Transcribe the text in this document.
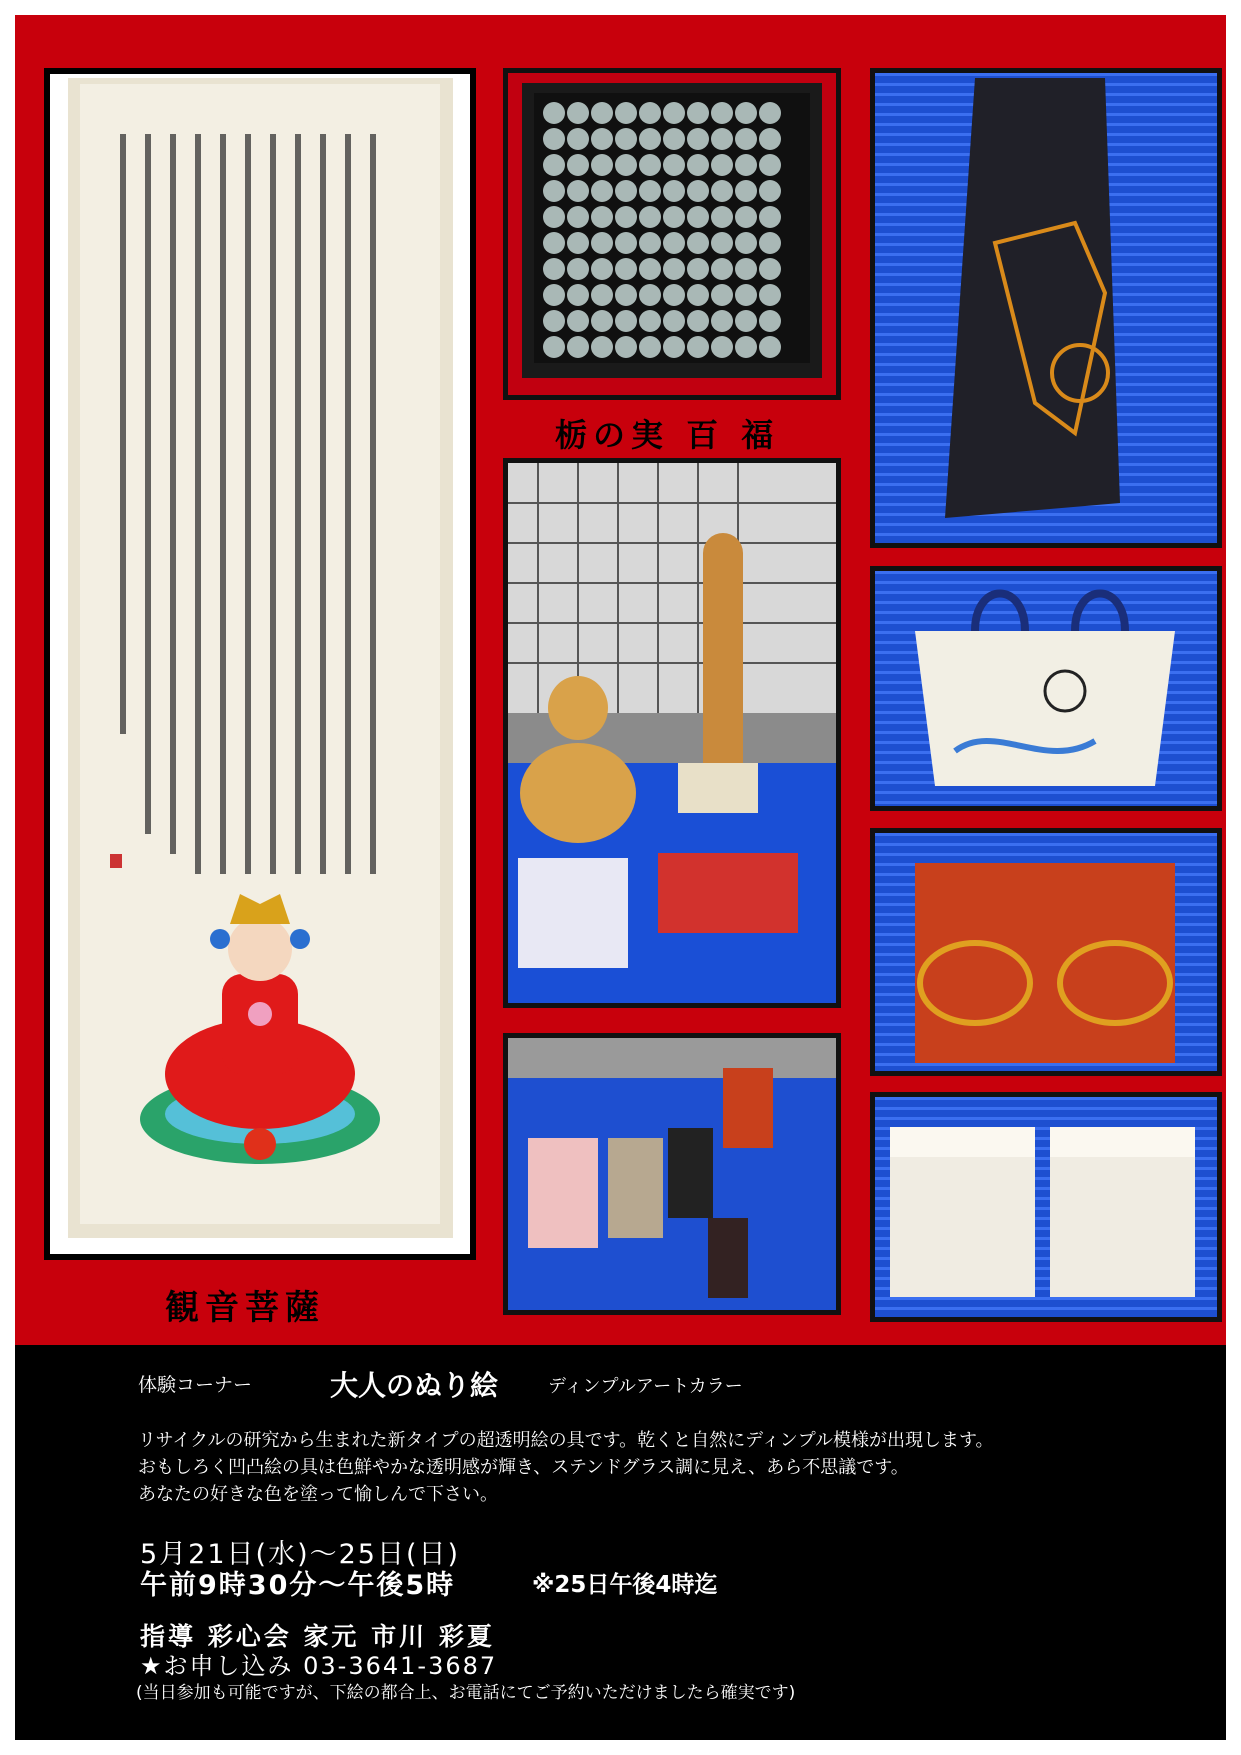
栃の実 百 福
観音菩薩
体験コーナー	大人のぬり絵	ディンプルアートカラー
リサイクルの研究から生まれた新タイプの超透明絵の具です。乾くと自然にディンプル模様が出現します。
おもしろく凹凸絵の具は色鮮やかな透明感が輝き、ステンドグラス調に見え、あら不思議です。
あなたの好きな色を塗って愉しんで下さい。
5月21日(水)〜25日(日)
午前9時30分〜午後5時	※25日午後4時迄
指導 彩心会 家元 市川 彩夏
★お申し込み 03-3641-3687
(当日参加も可能ですが、下絵の都合上、お電話にてご予約いただけましたら確実です)
